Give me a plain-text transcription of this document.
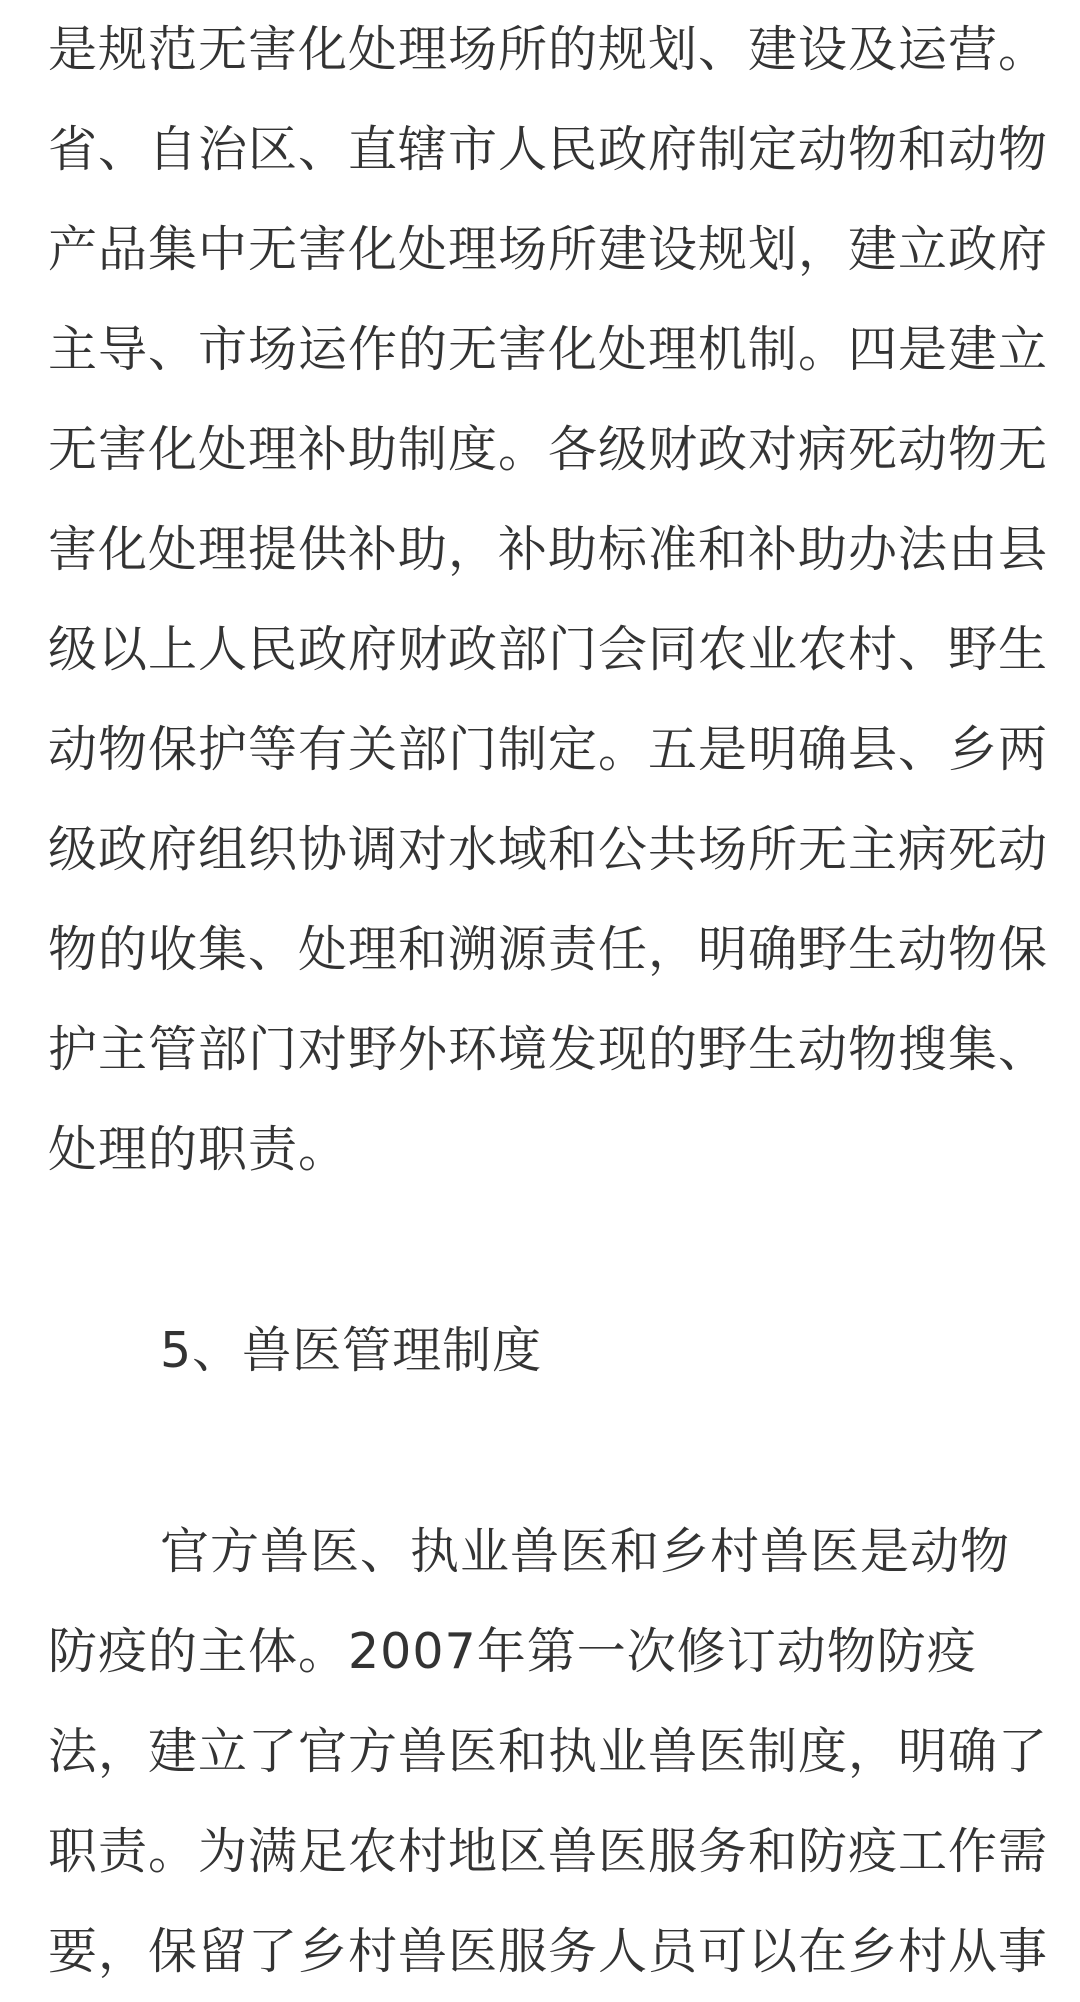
是规范无害化处理场所的规划、建设及运营。
省、自治区、直辖市人民政府制定动物和动物
产品集中无害化处理场所建设规划，建立政府
主导、市场运作的无害化处理机制。四是建立
无害化处理补助制度。各级财政对病死动物无
害化处理提供补助，补助标准和补助办法由县
级以上人民政府财政部门会同农业农村、野生
动物保护等有关部门制定。五是明确县、乡两
级政府组织协调对水域和公共场所无主病死动
物的收集、处理和溯源责任，明确野生动物保
护主管部门对野外环境发现的野生动物搜集、
处理的职责。
5、兽医管理制度
官方兽医、执业兽医和乡村兽医是动物
防疫的主体。2007年第一次修订动物防疫
法，建立了官方兽医和执业兽医制度，明确了
职责。为满足农村地区兽医服务和防疫工作需
要，保留了乡村兽医服务人员可以在乡村从事
